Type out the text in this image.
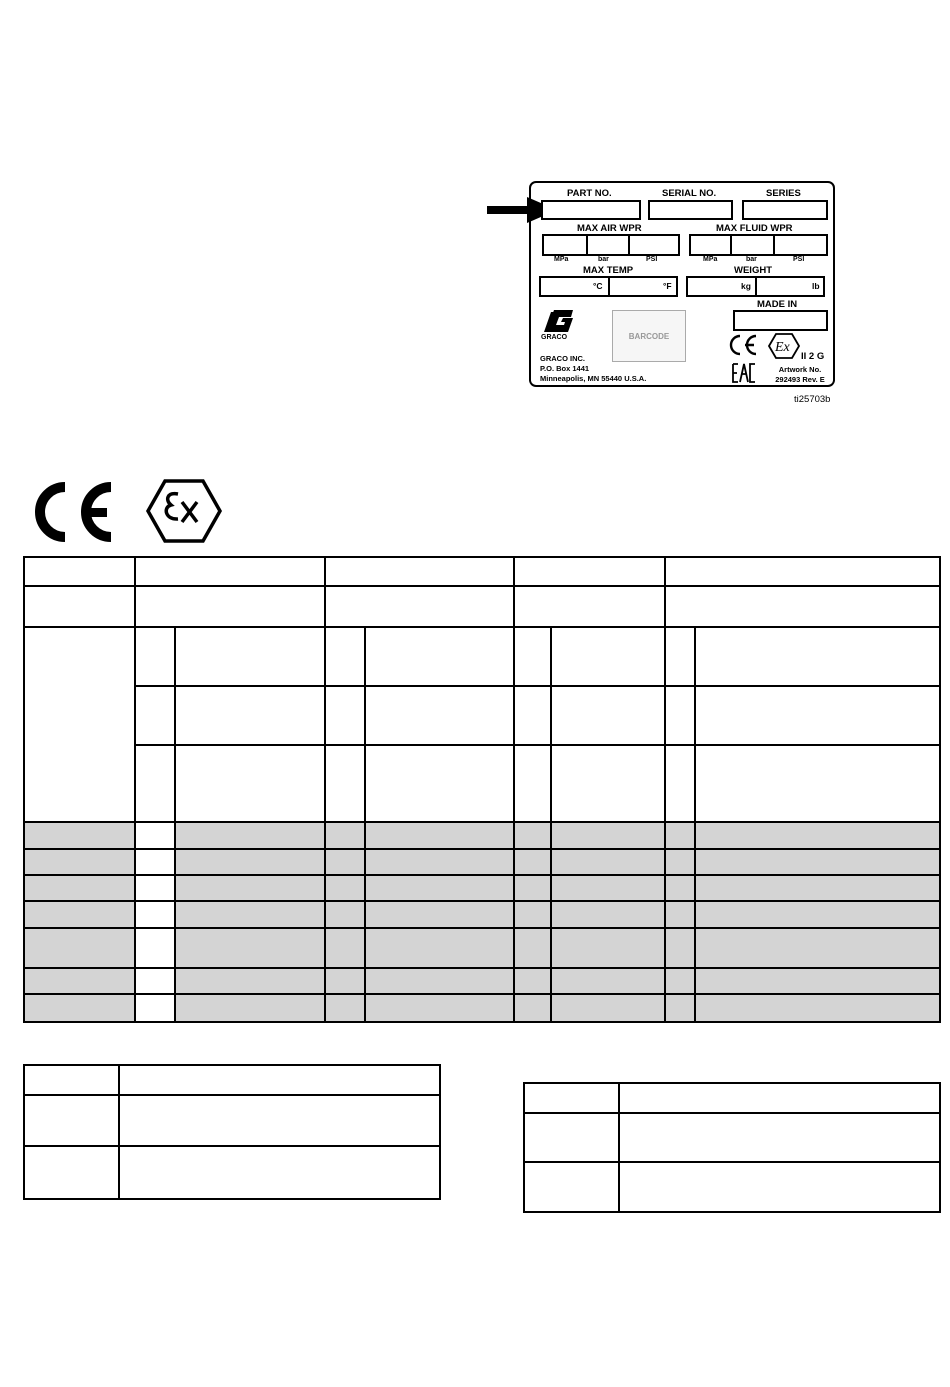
PART NO.	SERIAL NO.	SERIES
MAX AIR WPR	MAX FLUID WPR
MPa	bar	PSI	MPa	bar	PSI
MAX TEMP	WEIGHT
°C	°F	kg	lb
MADE IN
GRACO
GRACO INC.
P.O. Box 1441
Minneapolis, MN 55440 U.S.A.
BARCODE
Ex
II 2 G
Artwork No.
292493 Rev. E
ti25703b
